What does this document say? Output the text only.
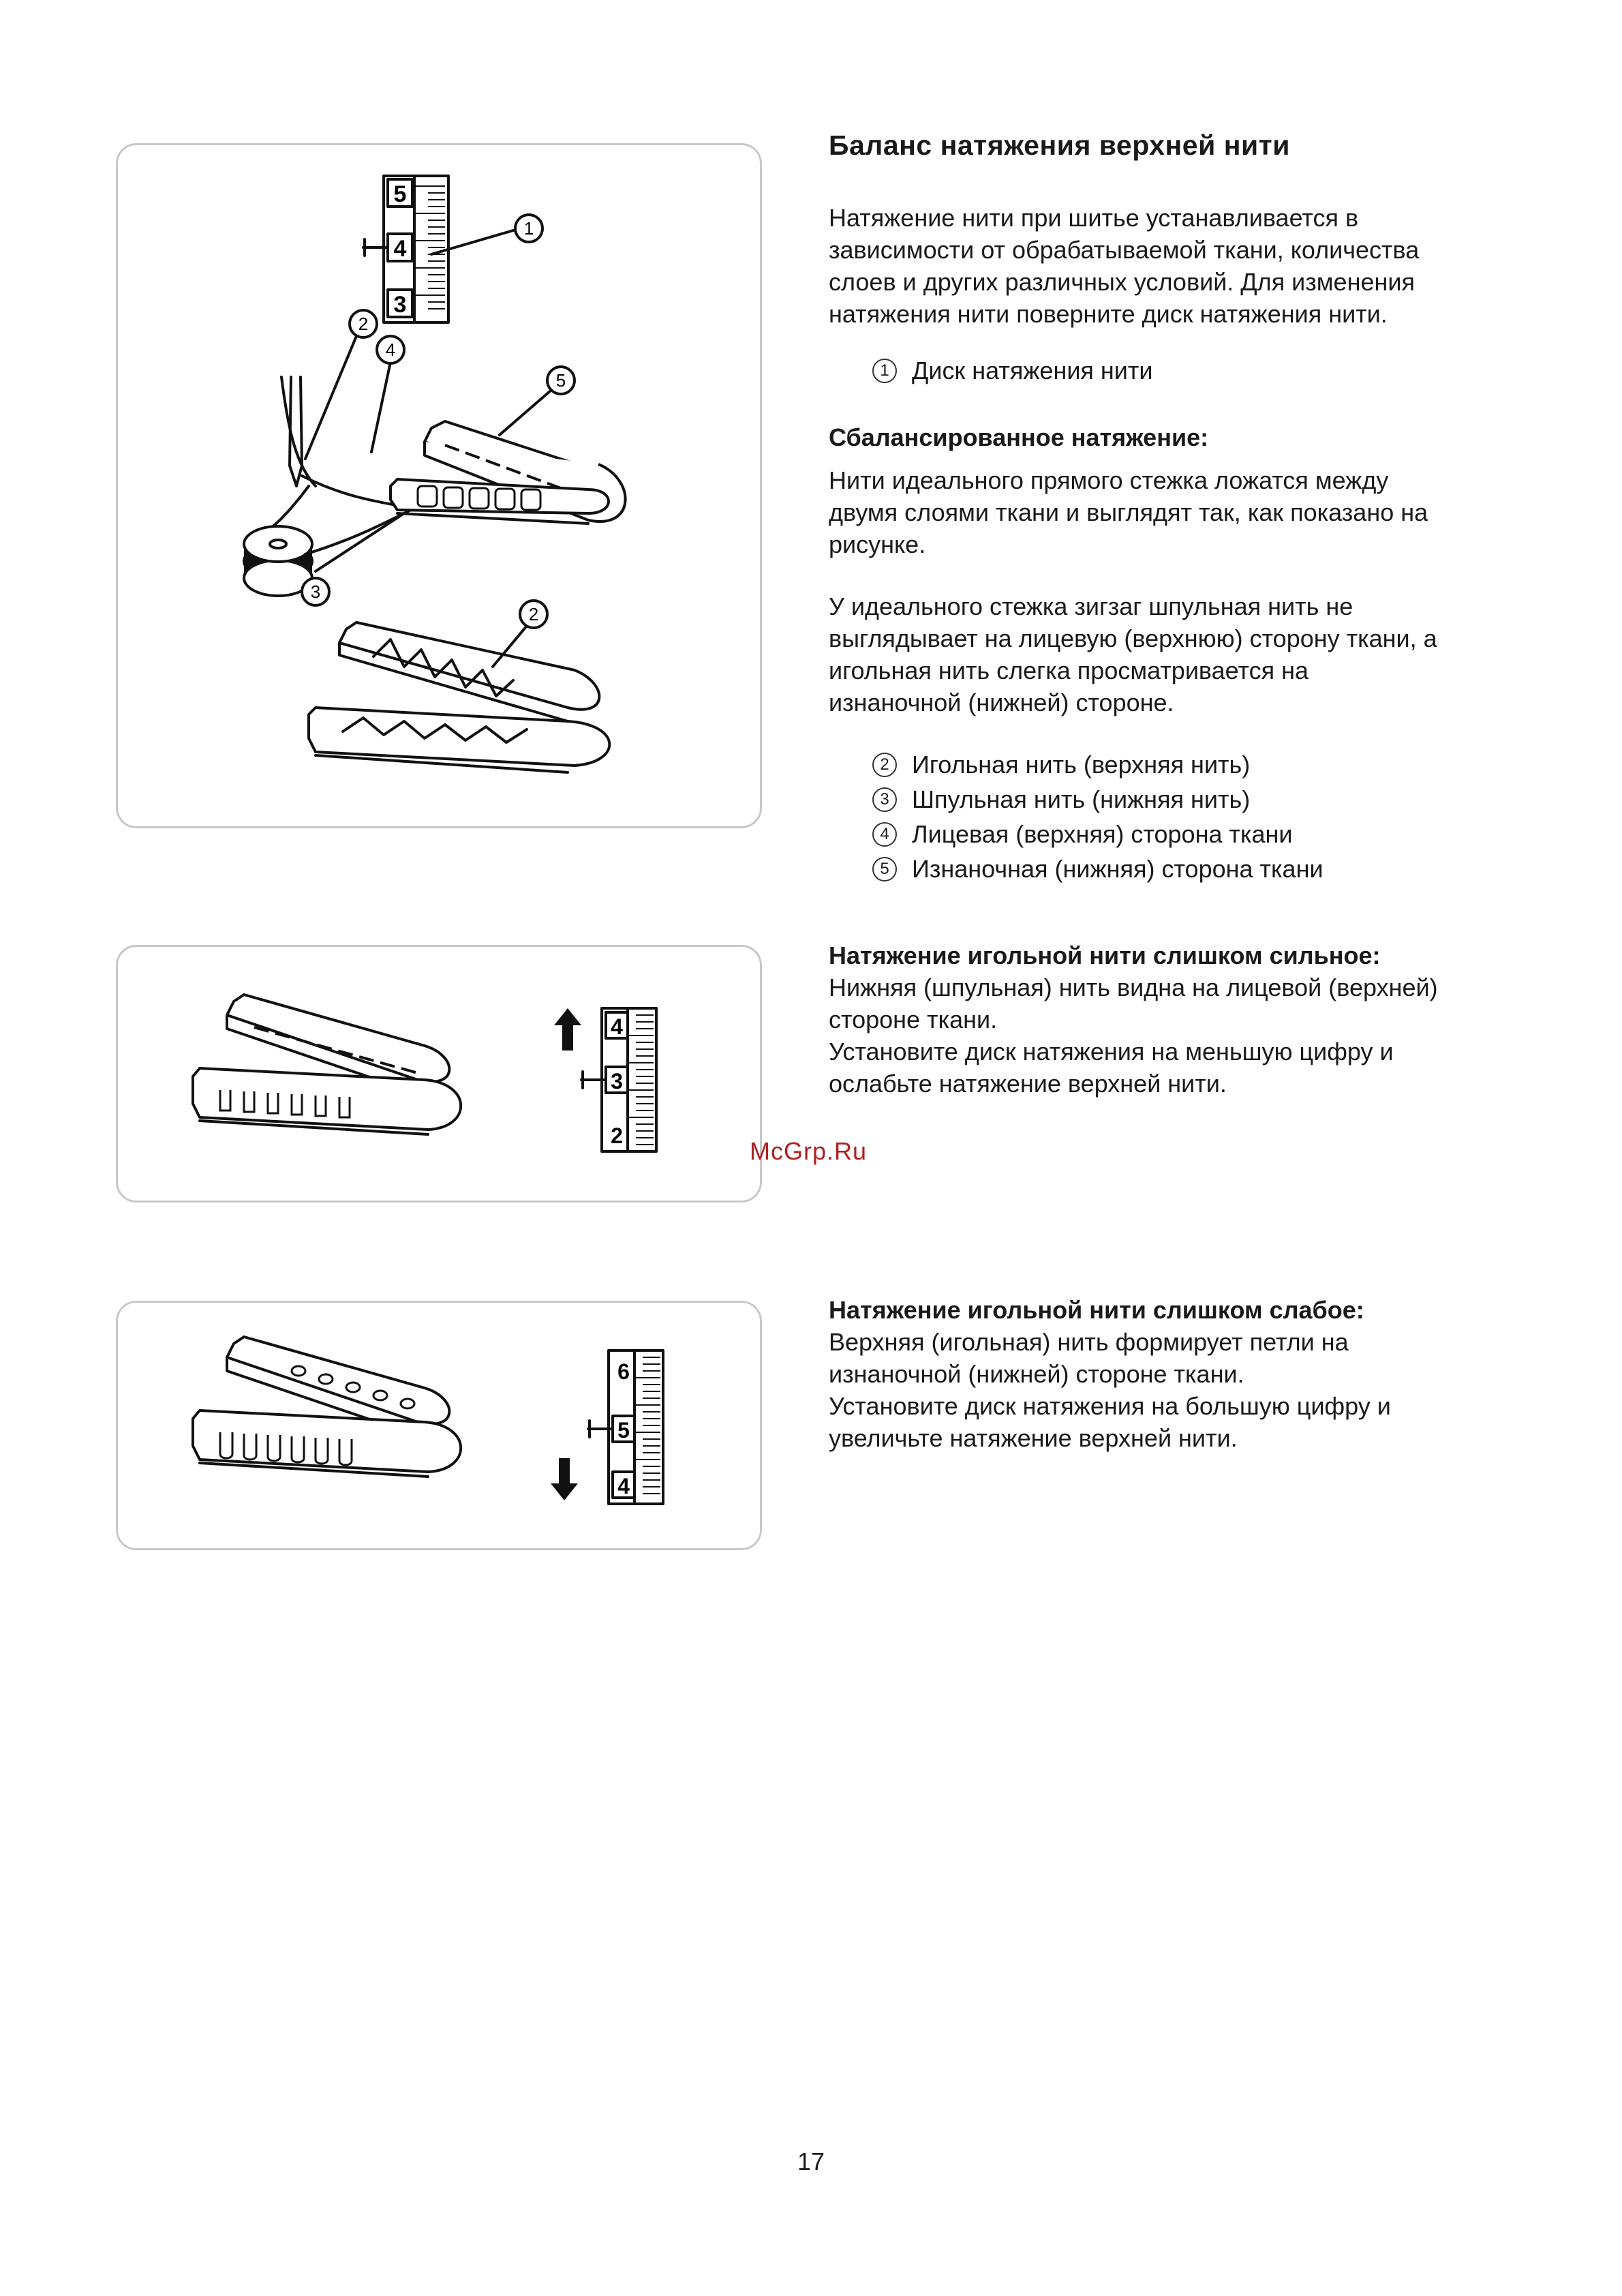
Баланс натяжения верхней нити
5
4
3
1
4
5
2
3
2
4
3
2
6
5
4

Натяжение нити при шитье устанавливается в

зависимости от обрабатываемой ткани, количества

слоев и других различных условий. Для изменения

натяжения нити поверните диск натяжения нити.

1 Диск натяжения нити

Сбалансированное натяжение:

Нити идеального прямого стежка ложатся между

двумя слоями ткани и выглядят так, как показано на

рисунке.

У идеального стежка зигзаг шпульная нить не

выглядывает на лицевую (верхнюю) сторону ткани, а

игольная нить слегка просматривается на

изнаночной (нижней) стороне.

2 Игольная нить (верхняя нить)
3 Шпульная нить (нижняя нить)
4 Лицевая (верхняя) сторона ткани
5 Изнаночная (нижняя) сторона ткани

Натяжение игольной нити слишком сильное:

Нижняя (шпульная) нить видна на лицевой (верхней)

стороне ткани.

Установите диск натяжения на меньшую цифру и

ослабьте натяжение верхней нити.

Натяжение игольной нити слишком слабое:

Верхняя (игольная) нить формирует петли на

изнаночной (нижней) стороне ткани.

Установите диск натяжения на большую цифру и

увеличьте натяжение верхней нити.

McGrp.Ru
17
